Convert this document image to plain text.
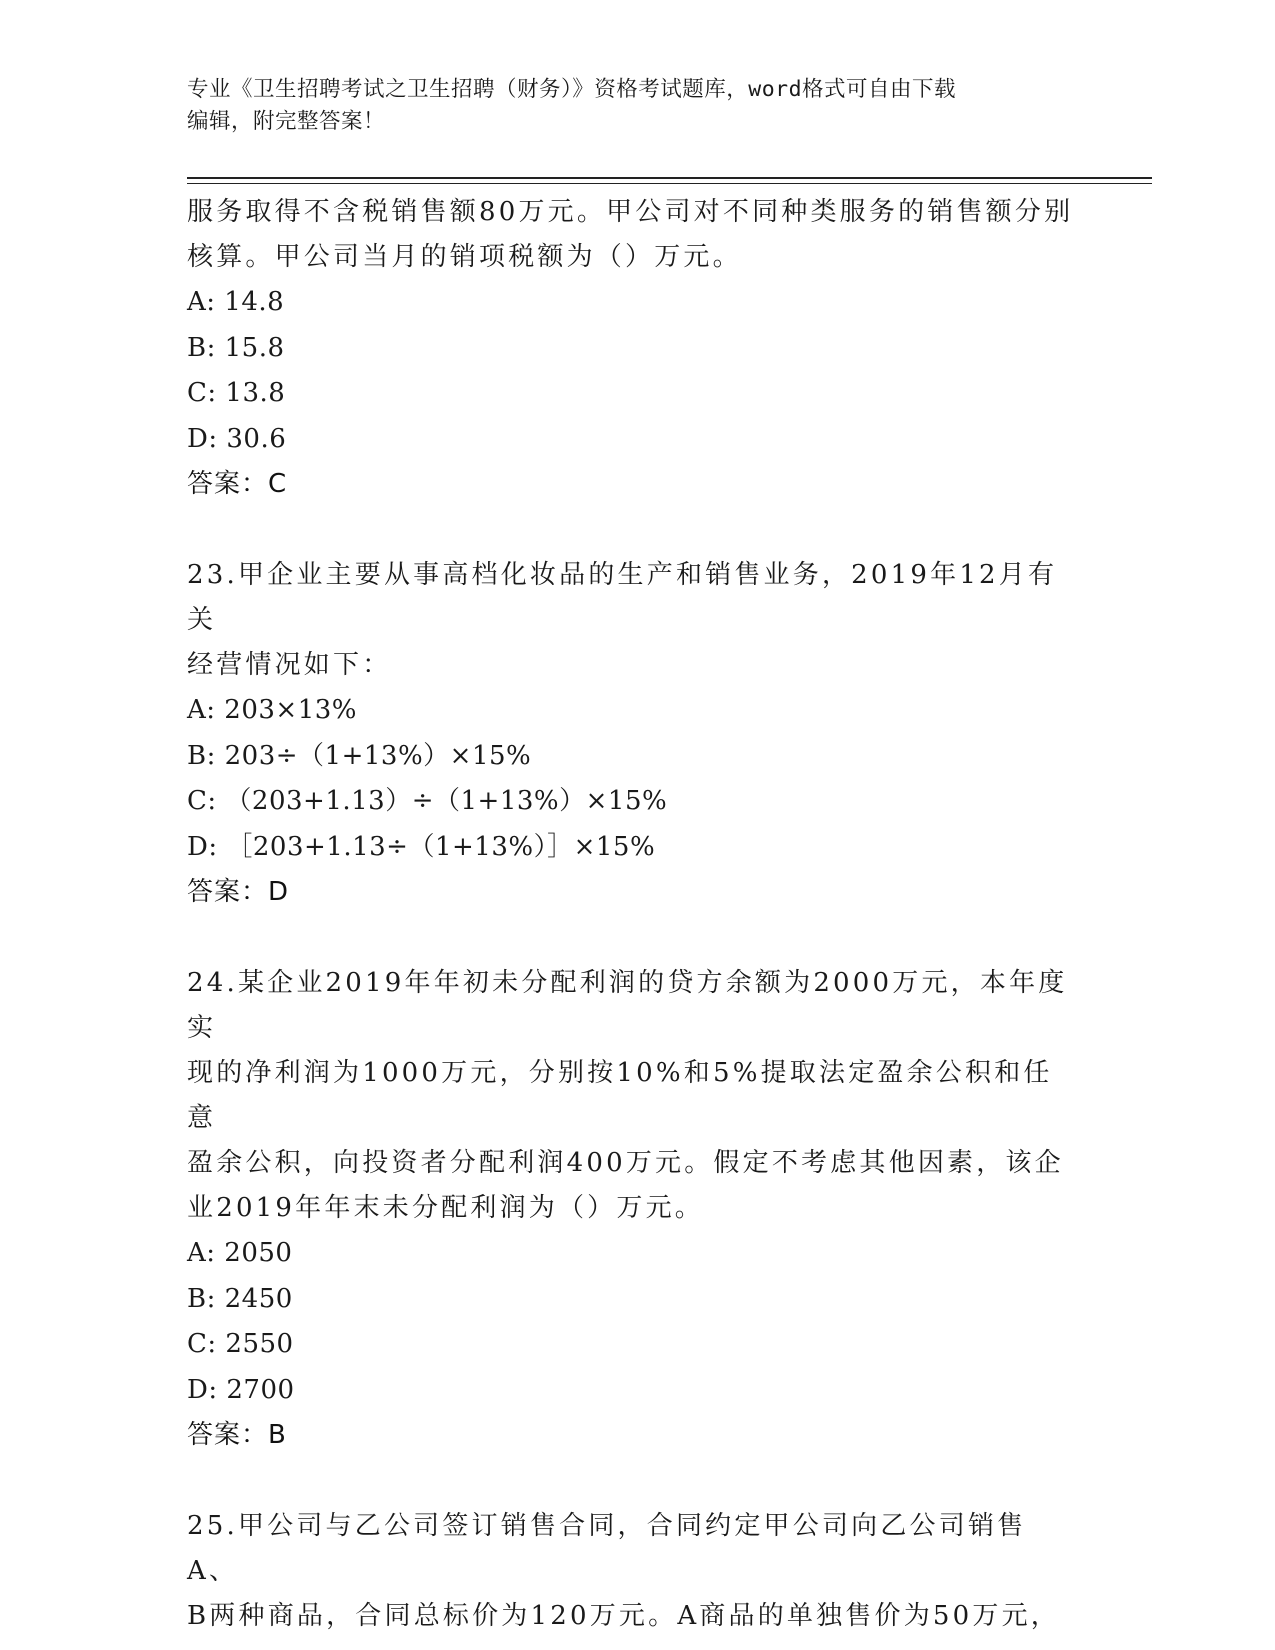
专业《卫生招聘考试之卫生招聘（财务）》资格考试题库，word格式可自由下载
编辑，附完整答案！

服务取得不含税销售额80万元。甲公司对不同种类服务的销售额分别

核算。甲公司当月的销项税额为（）万元。

A: 14.8

B: 15.8

C: 13.8

D: 30.6

答案：C

23.甲企业主要从事高档化妆品的生产和销售业务，2019年12月有关

经营情况如下：

A: 203×13%

B: 203÷（1+13%）×15%

C: （203+1.13）÷（1+13%）×15%

D: ［203+1.13÷（1+13%）］×15%

答案：D

24.某企业2019年年初未分配利润的贷方余额为2000万元，本年度实

现的净利润为1000万元，分别按10%和5%提取法定盈余公积和任意

盈余公积，向投资者分配利润400万元。假定不考虑其他因素，该企

业2019年年末未分配利润为（）万元。

A: 2050

B: 2450

C: 2550

D: 2700

答案：B

25.甲公司与乙公司签订销售合同，合同约定甲公司向乙公司销售A、

B两种商品，合同总标价为120万元。A商品的单独售价为50万元，
